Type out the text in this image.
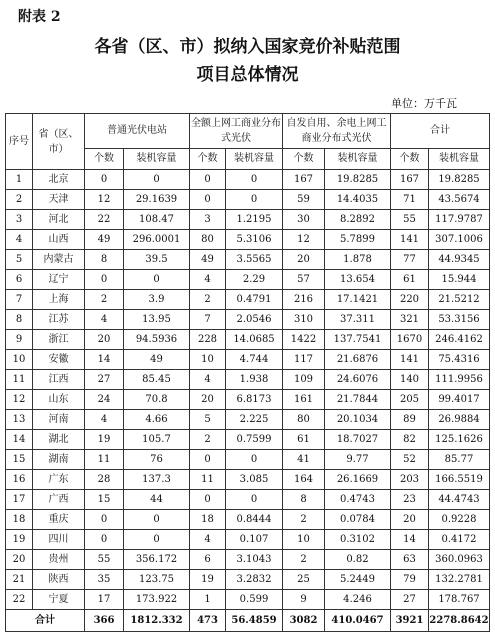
附表 2
各省（区、市）拟纳入国家竞价补贴范围
项目总体情况
单位：万千瓦
序号	省（区、市）	普通光伏电站		全额上网工商业分布式光伏		自发自用、余电上网工商业分布式光伏		合计	
		个数	装机容量	个数	装机容量	个数	装机容量	个数	装机容量
1	北京	0	0	0	0	167	19.8285	167	19.8285
2	天津	12	29.1639	0	0	59	14.4035	71	43.5674
3	河北	22	108.47	3	1.2195	30	8.2892	55	117.9787
4	山西	49	296.0001	80	5.3106	12	5.7899	141	307.1006
5	内蒙古	8	39.5	49	3.5565	20	1.878	77	44.9345
6	辽宁	0	0	4	2.29	57	13.654	61	15.944
7	上海	2	3.9	2	0.4791	216	17.1421	220	21.5212
8	江苏	4	13.95	7	2.0546	310	37.311	321	53.3156
9	浙江	20	94.5936	228	14.0685	1422	137.7541	1670	246.4162
10	安徽	14	49	10	4.744	117	21.6876	141	75.4316
11	江西	27	85.45	4	1.938	109	24.6076	140	111.9956
12	山东	24	70.8	20	6.8173	161	21.7844	205	99.4017
13	河南	4	4.66	5	2.225	80	20.1034	89	26.9884
14	湖北	19	105.7	2	0.7599	61	18.7027	82	125.1626
15	湖南	11	76	0	0	41	9.77	52	85.77
16	广东	28	137.3	11	3.085	164	26.1669	203	166.5519
17	广西	15	44	0	0	8	0.4743	23	44.4743
18	重庆	0	0	18	0.8444	2	0.0784	20	0.9228
19	四川	0	0	4	0.107	10	0.3102	14	0.4172
20	贵州	55	356.172	6	3.1043	2	0.82	63	360.0963
21	陕西	35	123.75	19	3.2832	25	5.2449	79	132.2781
22	宁夏	17	173.922	1	0.599	9	4.246	27	178.767
合计		366	1812.332	473	56.4859	3082	410.0467	3921	2278.8642
